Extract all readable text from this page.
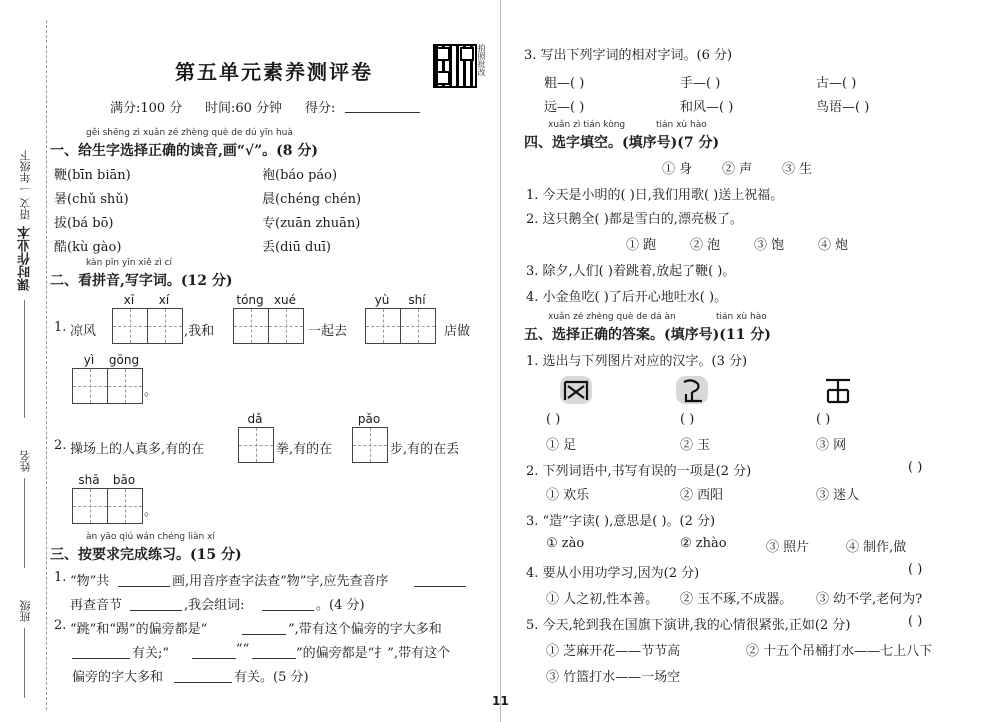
一年级下
语文
课时作业本
姓名
班级
第五单元素养测评卷	拍照批改
满分:100 分 时间:60 分钟 得分:
gěi shēng zì xuǎn zé zhèng què de dú yīn huà
一、给生字选择正确的读音,画“√”。(8 分)
鞭(bīn biān)	袍(báo páo)
暑(chǔ shǔ)	晨(chéng chén)
拔(bá bō)	专(zuān zhuān)
酷(kù gào)	丢(diū duī)
kàn pīn yīn xiě zì cí
二、看拼音,写字词。(12 分)
xī	xí	tóng xué	yù	shí
1. 凉风	,我和	一起去	店做
yì	gōng
。
dǎ	pǎo
2. 操场上的人真多,有的在	拳,有的在	步,有的在丢
shā	bāo
。
àn yāo qiú wán chéng liàn xí
三、按要求完成练习。(15 分)
1. “物”共	画,用音序查字法查“物”字,应先查音序
再查音节	,我会组词:	。(4 分)
2. “跳”和“踢”的偏旁都是“	”,带有这个偏旁的字大多和
有关;“	”“	”的偏旁都是“扌”,带有这个
偏旁的字大多和	有关。(5 分)
3. 写出下列字词的相对字词。(6 分)
粗—( )	手—( )	古—( )
远—( )	和风—( )	鸟语—( )
xuǎn zì tián kòng	tián xù hào
四、选字填空。(填序号)(7 分)
① 身 ② 声 ③ 生
1. 今天是小明的( )日,我们用歌( )送上祝福。
2. 这只鹅全( )都是雪白的,漂亮极了。
① 跑	② 泡	③ 饱	④ 炮
3. 除夕,人们( )着跳着,放起了鞭( )。
4. 小金鱼吃( )了后开心地吐水( )。
xuǎn zé zhèng què de dá àn	tián xù hào
五、选择正确的答案。(填序号)(11 分)
1. 选出与下列图片对应的汉字。(3 分)
( )	( )	( )
① 足	② 玉	③ 网
2. 下列词语中,书写有误的一项是(2 分)	( )
① 欢乐	② 西阳	③ 迷人
3. “造”字读( ),意思是( )。(2 分)
① zào	② zhào	③ 照片	④ 制作,做
4. 要从小用功学习,因为(2 分)	( )
① 人之初,性本善。 ② 玉不琢,不成器。 ③ 幼不学,老何为?
5. 今天,轮到我在国旗下演讲,我的心情很紧张,正如(2 分)	( )
① 芝麻开花——节节高	② 十五个吊桶打水——七上八下
③ 竹篮打水——一场空
11
